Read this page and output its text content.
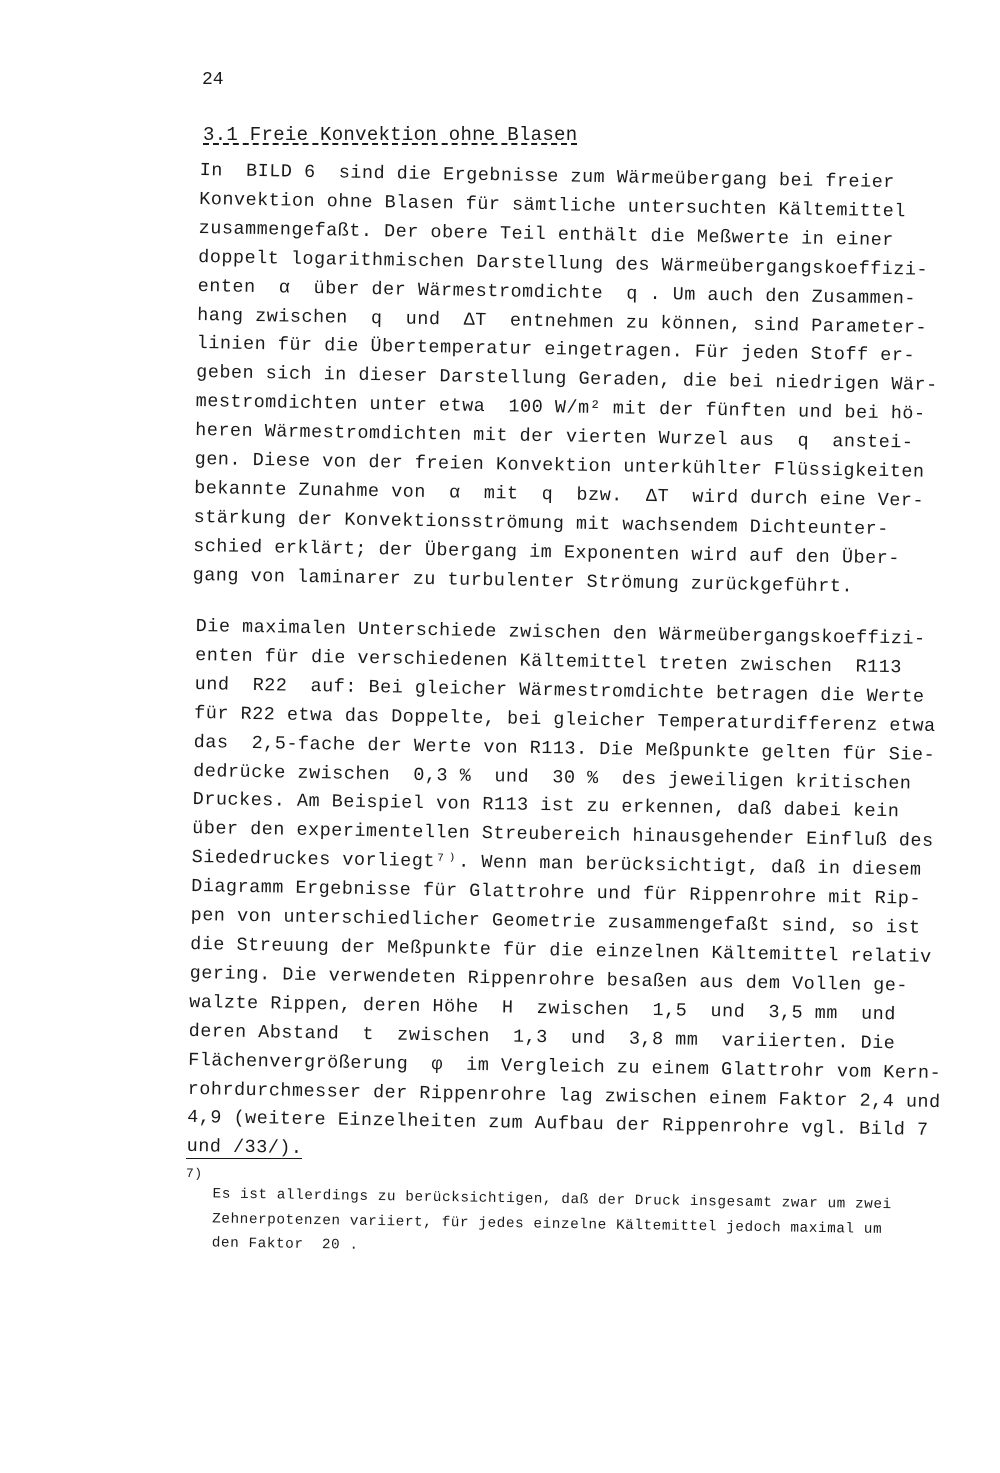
24
3.1 Freie Konvektion ohne Blasen
In  BILD 6  sind die Ergebnisse zum Wärmeübergang bei freier
Konvektion ohne Blasen für sämtliche untersuchten Kältemittel
zusammengefaßt. Der obere Teil enthält die Meßwerte in einer
doppelt logarithmischen Darstellung des Wärmeübergangskoeffizi-
enten  α  über der Wärmestromdichte  q . Um auch den Zusammen-
hang zwischen  q  und  ΔT  entnehmen zu können, sind Parameter-
linien für die Übertemperatur eingetragen. Für jeden Stoff er-
geben sich in dieser Darstellung Geraden, die bei niedrigen Wär-
mestromdichten unter etwa  100 W/m² mit der fünften und bei hö-
heren Wärmestromdichten mit der vierten Wurzel aus  q  anstei-
gen. Diese von der freien Konvektion unterkühlter Flüssigkeiten
bekannte Zunahme von  α  mit  q  bzw.  ΔT  wird durch eine Ver-
stärkung der Konvektionsströmung mit wachsendem Dichteunter-
schied erklärt; der Übergang im Exponenten wird auf den Über-
gang von laminarer zu turbulenter Strömung zurückgeführt.
Die maximalen Unterschiede zwischen den Wärmeübergangskoeffizi-
enten für die verschiedenen Kältemittel treten zwischen  R113
und  R22  auf: Bei gleicher Wärmestromdichte betragen die Werte
für R22 etwa das Doppelte, bei gleicher Temperaturdifferenz etwa
das  2,5-fache der Werte von R113. Die Meßpunkte gelten für Sie-
dedrücke zwischen  0,3 %  und  30 %  des jeweiligen kritischen
Druckes. Am Beispiel von R113 ist zu erkennen, daß dabei kein
über den experimentellen Streubereich hinausgehender Einfluß des
Siededruckes vorliegt⁷⁾. Wenn man berücksichtigt, daß in diesem
Diagramm Ergebnisse für Glattrohre und für Rippenrohre mit Rip-
pen von unterschiedlicher Geometrie zusammengefaßt sind, so ist
die Streuung der Meßpunkte für die einzelnen Kältemittel relativ
gering. Die verwendeten Rippenrohre besaßen aus dem Vollen ge-
walzte Rippen, deren Höhe  H  zwischen  1,5  und  3,5 mm  und
deren Abstand  t  zwischen  1,3  und  3,8 mm  variierten. Die
Flächenvergrößerung  φ  im Vergleich zu einem Glattrohr vom Kern-
rohrdurchmesser der Rippenrohre lag zwischen einem Faktor 2,4 und
4,9 (weitere Einzelheiten zum Aufbau der Rippenrohre vgl. Bild 7
und /33/).
7)
Es ist allerdings zu berücksichtigen, daß der Druck insgesamt zwar um zwei
Zehnerpotenzen variiert, für jedes einzelne Kältemittel jedoch maximal um
den Faktor  20 .
